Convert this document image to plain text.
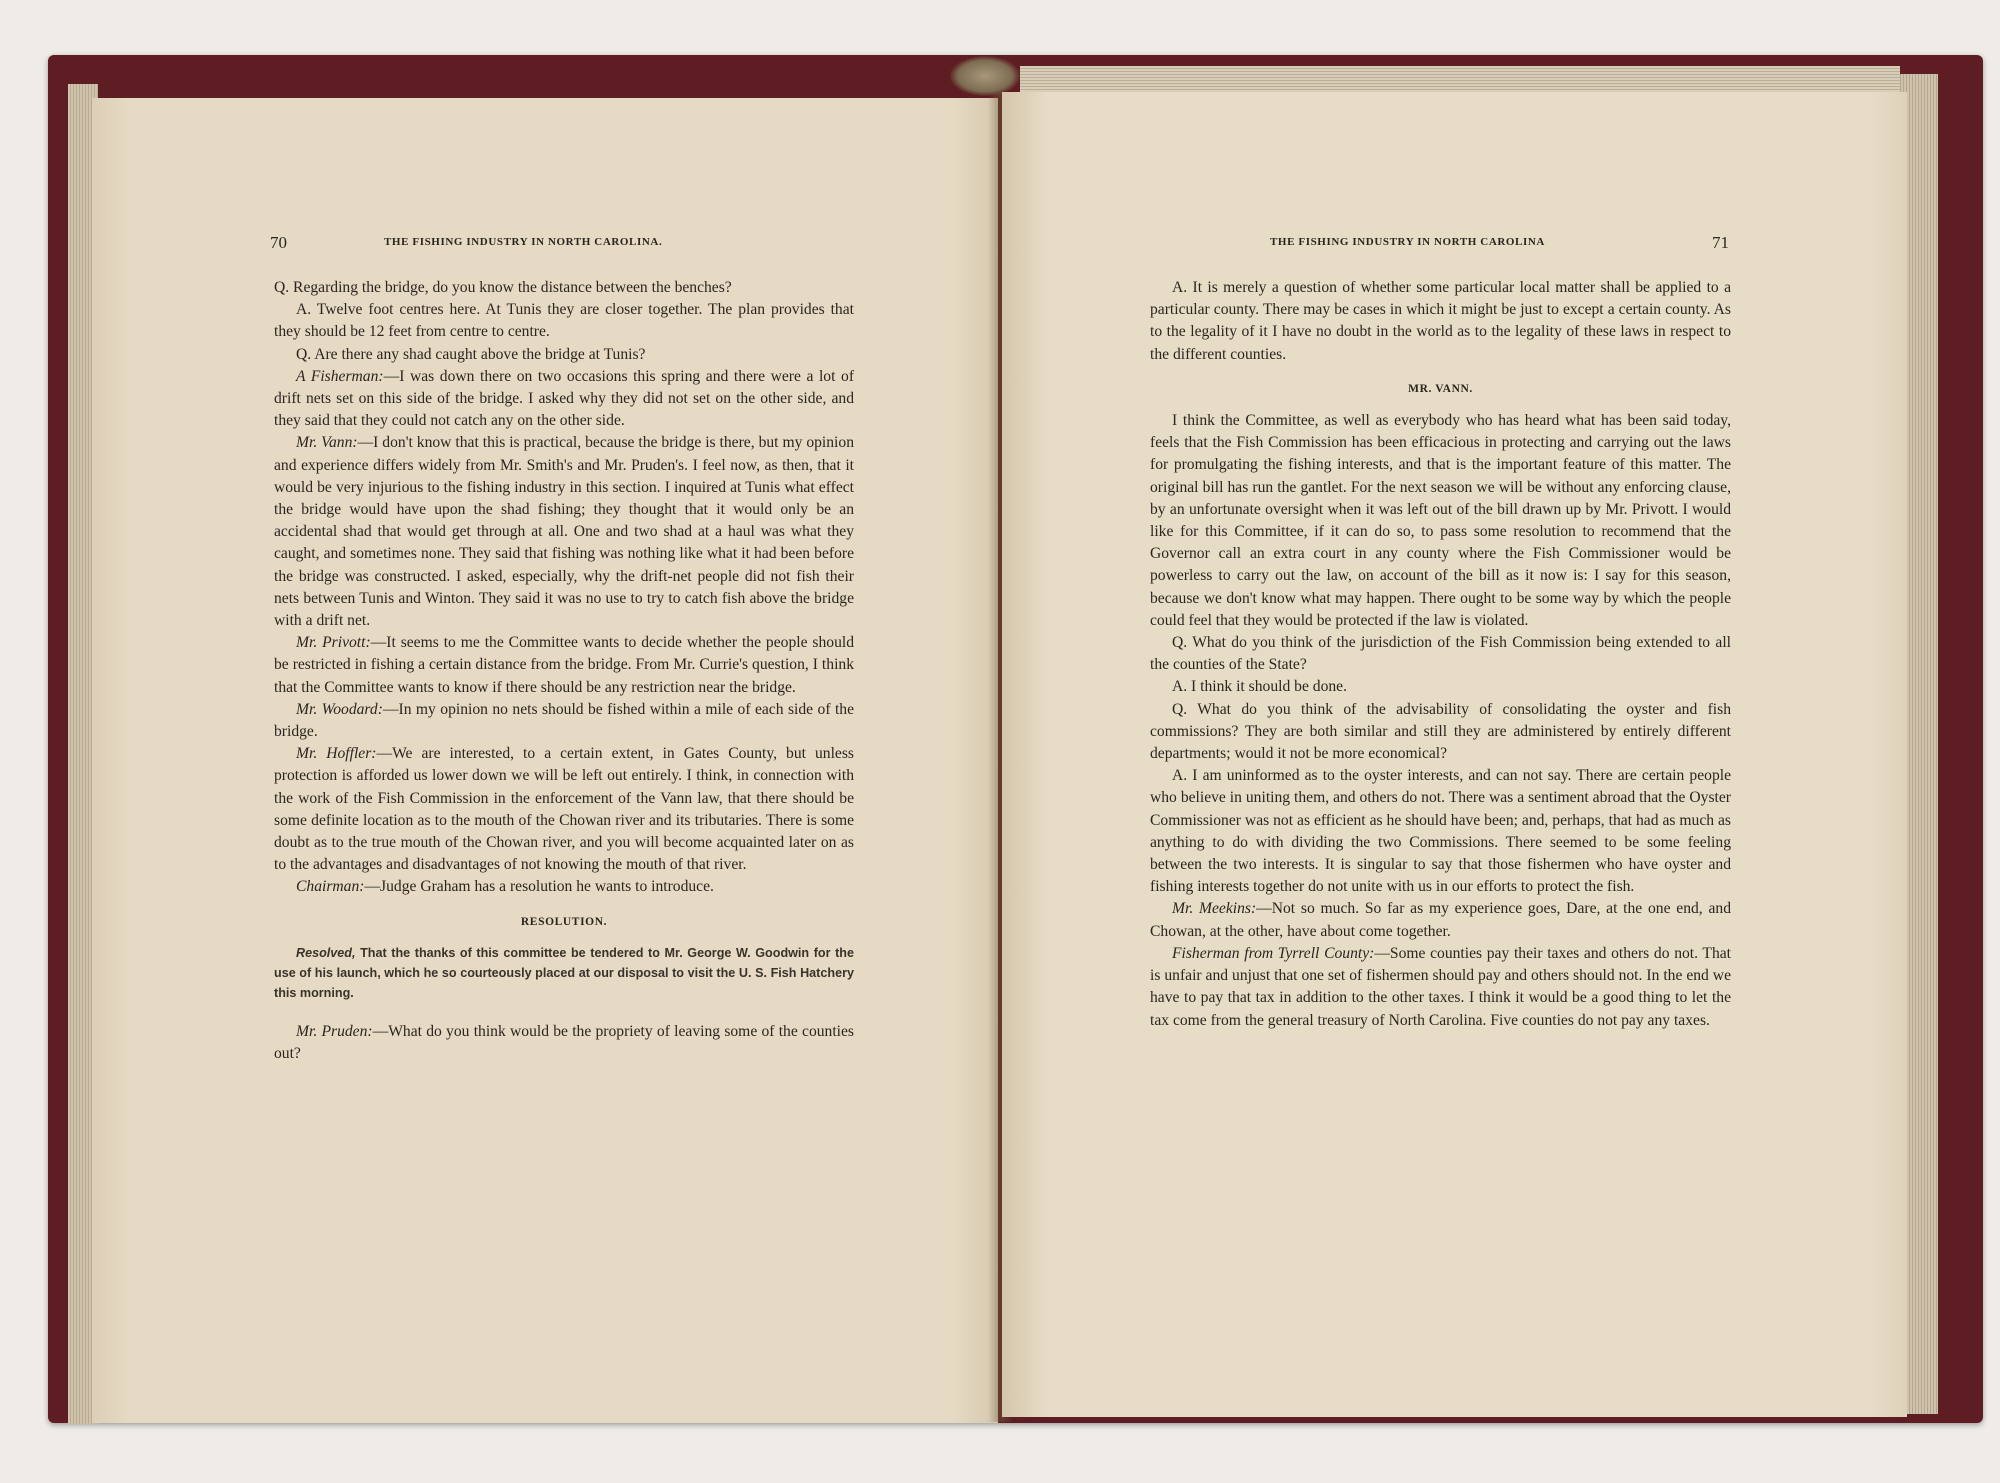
70	THE FISHING INDUSTRY IN NORTH CAROLINA.

Q. Regarding the bridge, do you know the distance between the benches?

A. Twelve foot centres here. At Tunis they are closer together. The plan provides that they should be 12 feet from centre to centre.

Q. Are there any shad caught above the bridge at Tunis?

A Fisherman:—I was down there on two occasions this spring and there were a lot of drift nets set on this side of the bridge. I asked why they did not set on the other side, and they said that they could not catch any on the other side.

Mr. Vann:—I don't know that this is practical, because the bridge is there, but my opinion and experience differs widely from Mr. Smith's and Mr. Pruden's. I feel now, as then, that it would be very injurious to the fishing industry in this section. I inquired at Tunis what effect the bridge would have upon the shad fishing; they thought that it would only be an accidental shad that would get through at all. One and two shad at a haul was what they caught, and sometimes none. They said that fishing was nothing like what it had been before the bridge was constructed. I asked, especially, why the drift-net people did not fish their nets between Tunis and Winton. They said it was no use to try to catch fish above the bridge with a drift net.

Mr. Privott:—It seems to me the Committee wants to decide whether the people should be restricted in fishing a certain distance from the bridge. From Mr. Currie's question, I think that the Committee wants to know if there should be any restriction near the bridge.

Mr. Woodard:—In my opinion no nets should be fished within a mile of each side of the bridge.

Mr. Hoffler:—We are interested, to a certain extent, in Gates County, but unless protection is afforded us lower down we will be left out entirely. I think, in connection with the work of the Fish Commission in the enforcement of the Vann law, that there should be some definite location as to the mouth of the Chowan river and its tributaries. There is some doubt as to the true mouth of the Chowan river, and you will become acquainted later on as to the advantages and disadvantages of not knowing the mouth of that river.

Chairman:—Judge Graham has a resolution he wants to introduce.

RESOLUTION.

Resolved, That the thanks of this committee be tendered to Mr. George W. Goodwin for the use of his launch, which he so courteously placed at our disposal to visit the U. S. Fish Hatchery this morning.

Mr. Pruden:—What do you think would be the propriety of leaving some of the counties out?

THE FISHING INDUSTRY IN NORTH CAROLINA	71

A. It is merely a question of whether some particular local matter shall be applied to a particular county. There may be cases in which it might be just to except a certain county. As to the legality of it I have no doubt in the world as to the legality of these laws in respect to the different counties.

MR. VANN.

I think the Committee, as well as everybody who has heard what has been said today, feels that the Fish Commission has been efficacious in protecting and carrying out the laws for promulgating the fishing interests, and that is the important feature of this matter. The original bill has run the gantlet. For the next season we will be without any enforcing clause, by an unfortunate oversight when it was left out of the bill drawn up by Mr. Privott. I would like for this Committee, if it can do so, to pass some resolution to recommend that the Governor call an extra court in any county where the Fish Commissioner would be powerless to carry out the law, on account of the bill as it now is: I say for this season, because we don't know what may happen. There ought to be some way by which the people could feel that they would be protected if the law is violated.

Q. What do you think of the jurisdiction of the Fish Commission being extended to all the counties of the State?

A. I think it should be done.

Q. What do you think of the advisability of consolidating the oyster and fish commissions? They are both similar and still they are administered by entirely different departments; would it not be more economical?

A. I am uninformed as to the oyster interests, and can not say. There are certain people who believe in uniting them, and others do not. There was a sentiment abroad that the Oyster Commissioner was not as efficient as he should have been; and, perhaps, that had as much as anything to do with dividing the two Commissions. There seemed to be some feeling between the two interests. It is singular to say that those fishermen who have oyster and fishing interests together do not unite with us in our efforts to protect the fish.

Mr. Meekins:—Not so much. So far as my experience goes, Dare, at the one end, and Chowan, at the other, have about come together.

Fisherman from Tyrrell County:—Some counties pay their taxes and others do not. That is unfair and unjust that one set of fishermen should pay and others should not. In the end we have to pay that tax in addition to the other taxes. I think it would be a good thing to let the tax come from the general treasury of North Carolina. Five counties do not pay any taxes.
